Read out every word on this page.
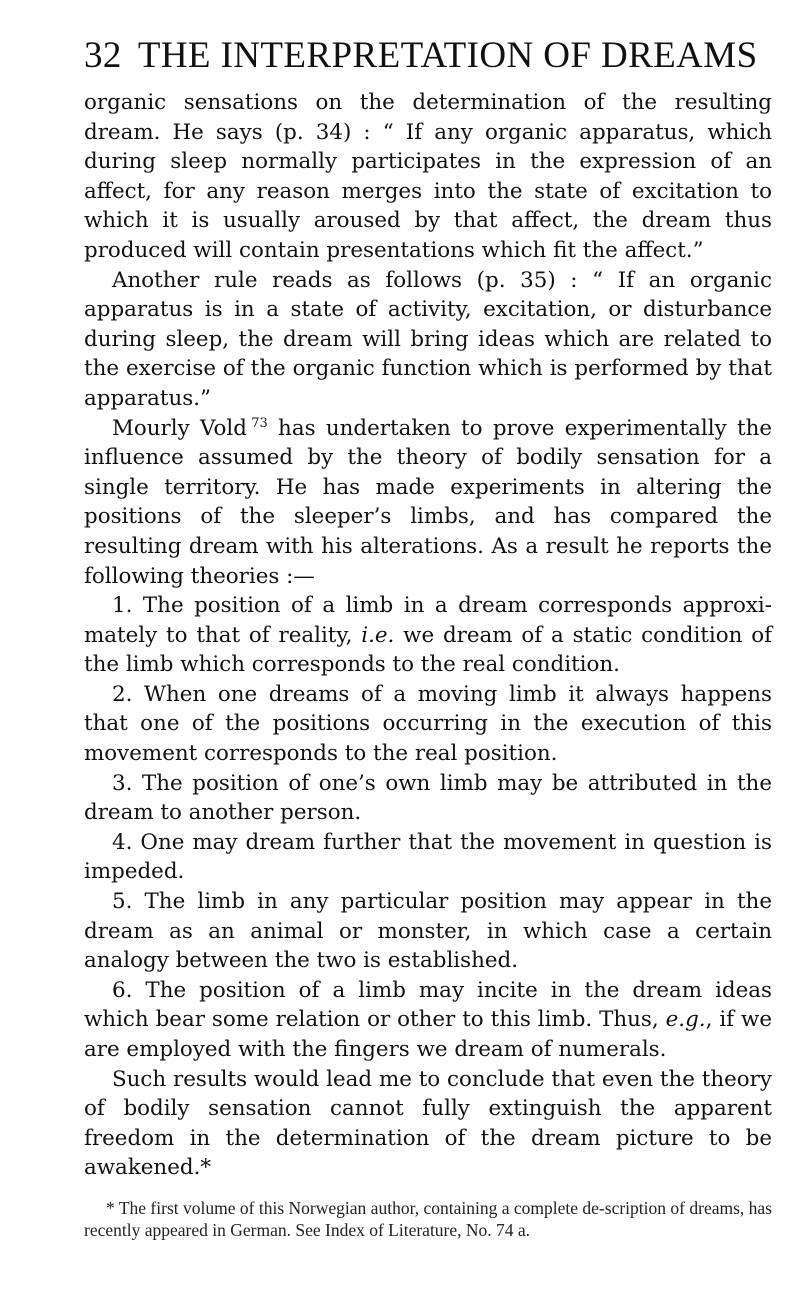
32 THE INTERPRETATION OF DREAMS

organic sensations on the determination of the resulting dream. He says (p. 34) : “ If any organic apparatus, which during sleep normally participates in the expression of an affect, for any reason merges into the state of excitation to which it is usually aroused by that affect, the dream thus produced will contain presentations which fit the affect.”

Another rule reads as follows (p. 35) : “ If an organic apparatus is in a state of activity, excitation, or disturbance during sleep, the dream will bring ideas which are related to the exercise of the organic function which is performed by that apparatus.”

Mourly Vold  $^{73}$ has undertaken to prove experimentally the influence assumed by the theory of bodily sensation for a single territory. He has made experiments in altering the positions of the sleeper’s limbs, and has compared the resulting dream with his alterations. As a result he reports the following theories :—

1. The position of a limb in a dream corresponds approxi-mately to that of reality, i.e. we dream of a static condition of the limb which corresponds to the real condition.

2. When one dreams of a moving limb it always happens that one of the positions occurring in the execution of this movement corresponds to the real position.

3. The position of one’s own limb may be attributed in the dream to another person.

4. One may dream further that the movement in question is impeded.

5. The limb in any particular position may appear in the dream as an animal or monster, in which case a certain analogy between the two is established.

6. The position of a limb may incite in the dream ideas which bear some relation or other to this limb. Thus, e.g., if we are employed with the fingers we dream of numerals.

Such results would lead me to conclude that even the theory of bodily sensation cannot fully extinguish the apparent freedom in the determination of the dream picture to be awakened.*

* The first volume of this Norwegian author, containing a complete de-scription of dreams, has recently appeared in German. See Index of Literature, No. 74 a.
